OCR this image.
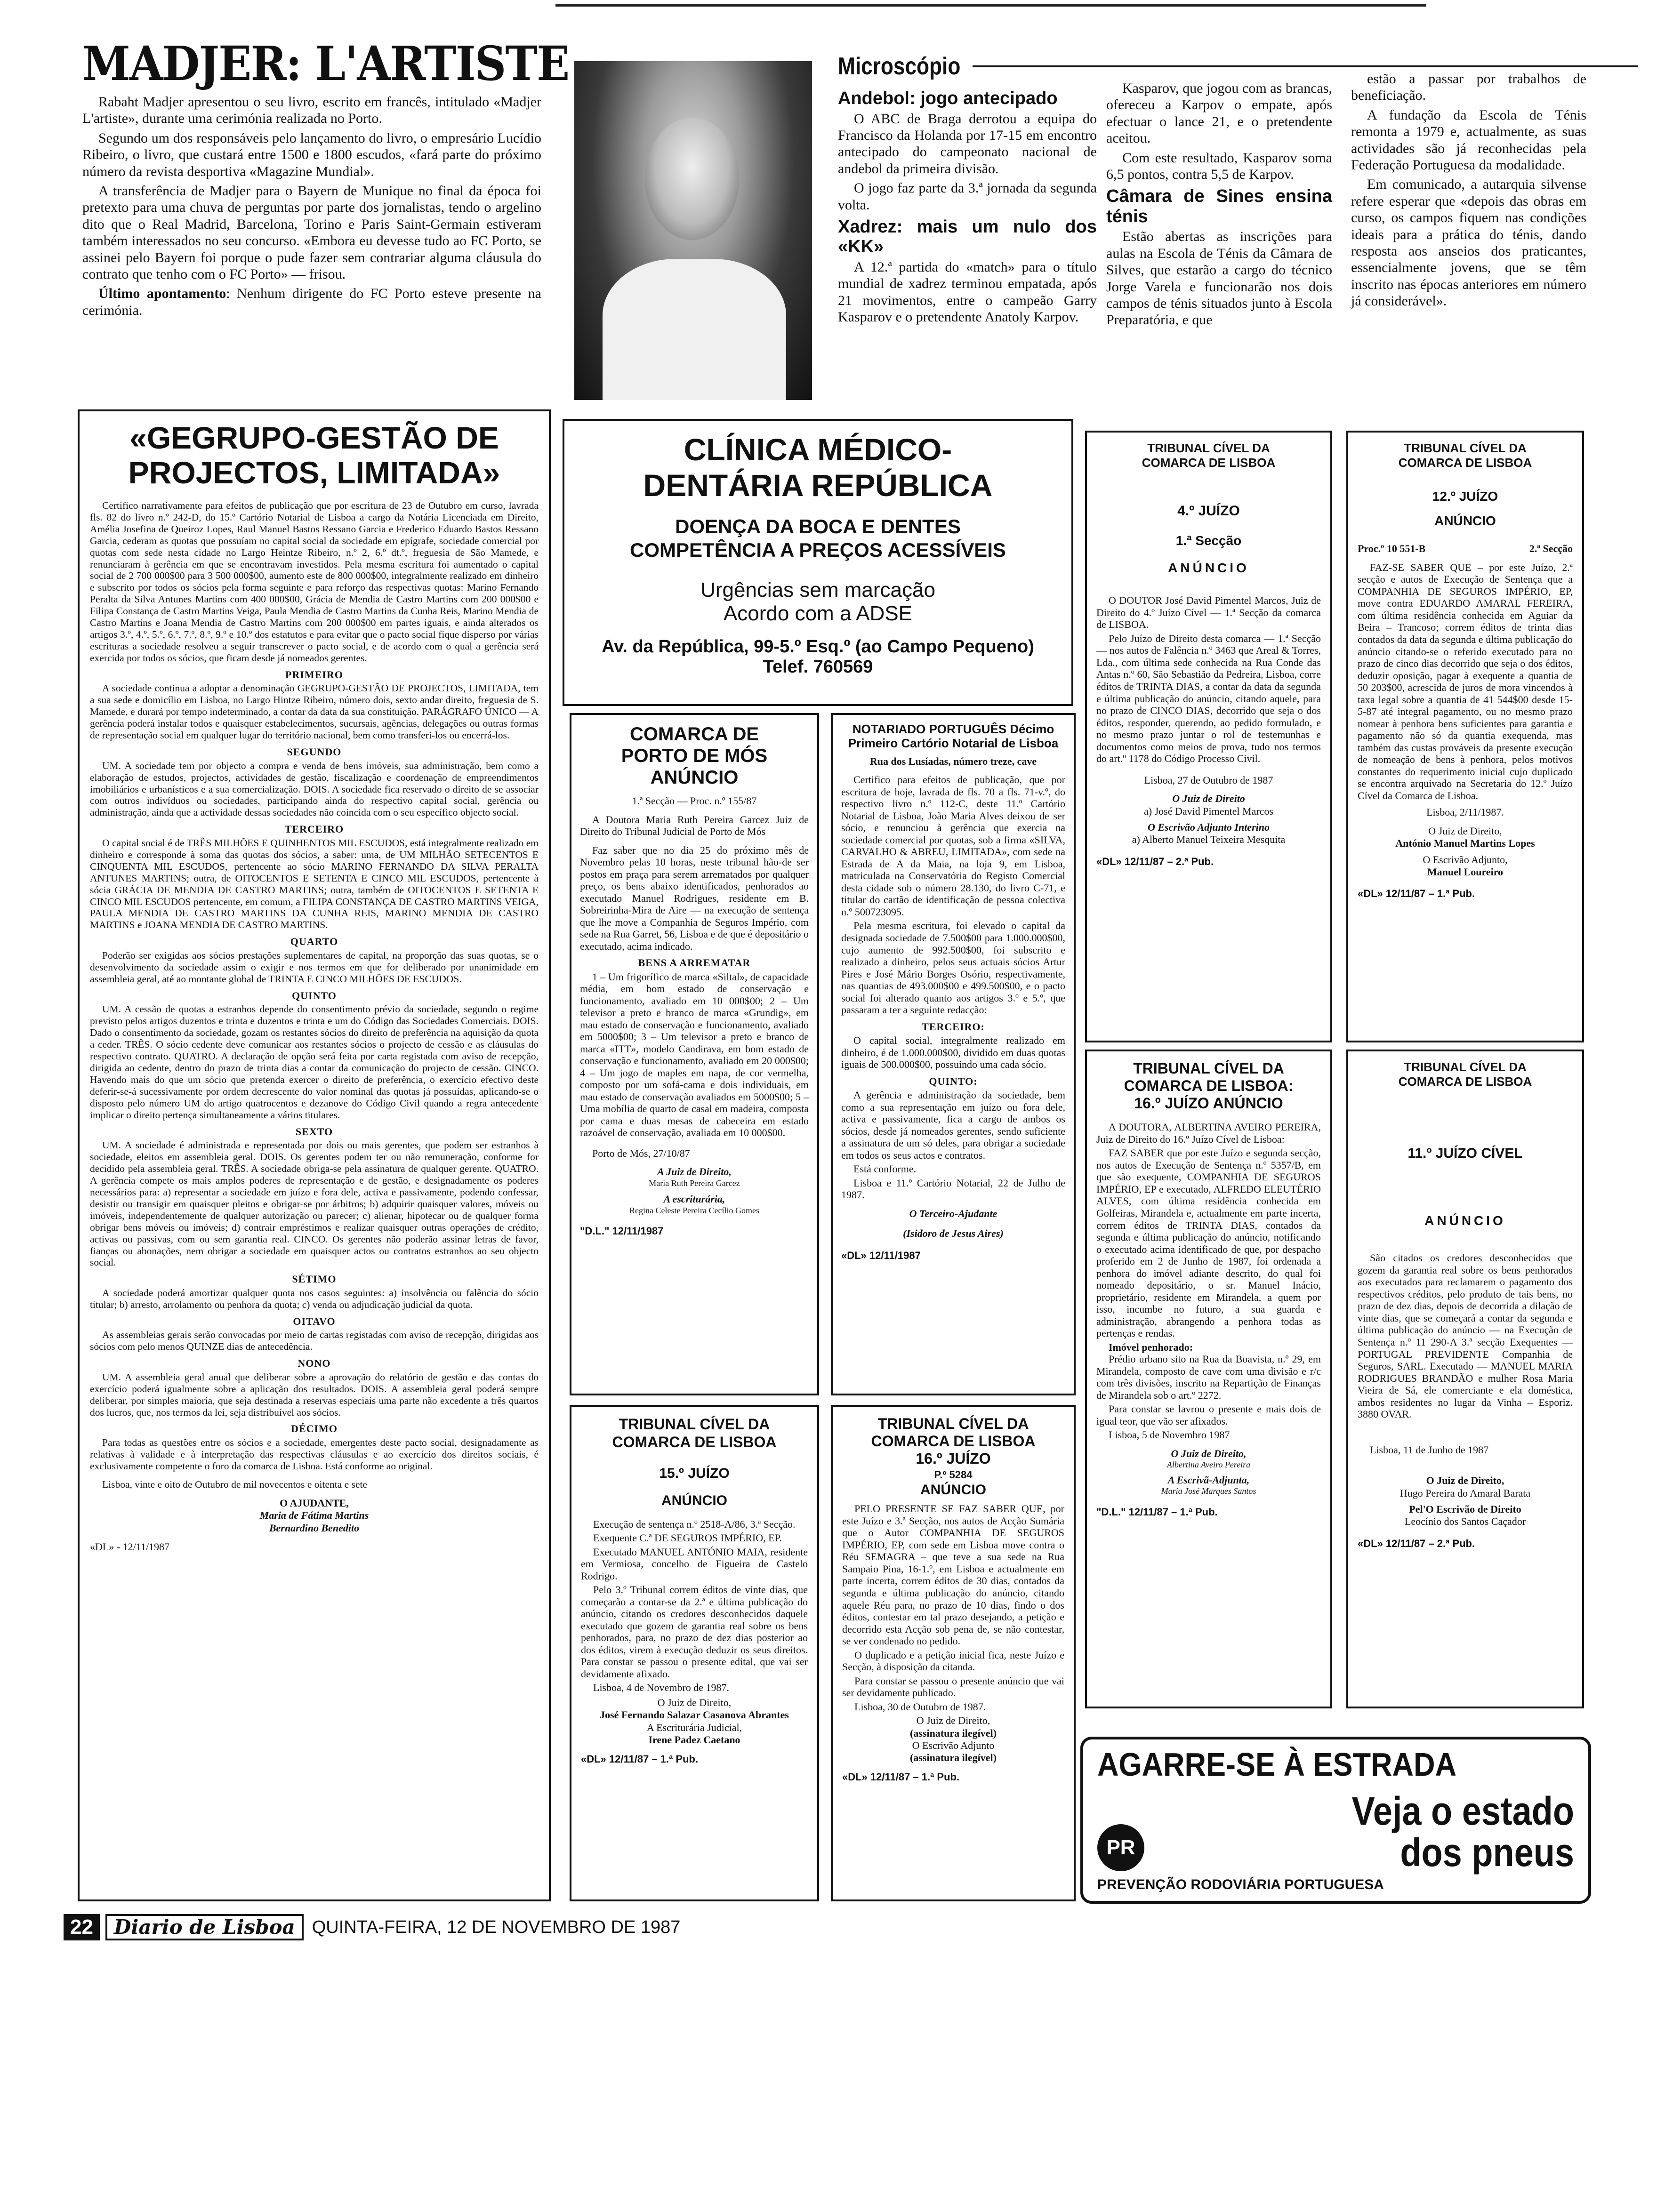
MADJER: L'ARTISTE

Rabaht Madjer apresentou o seu livro, escrito em francês, intitulado «Madjer L'artiste», durante uma cerimónia realizada no Porto.

Segundo um dos responsáveis pelo lançamento do livro, o empresário Lucídio Ribeiro, o livro, que custará entre 1500 e 1800 escudos, «fará parte do próximo número da revista desportiva «Magazine Mundial».

A transferência de Madjer para o Bayern de Munique no final da época foi pretexto para uma chuva de perguntas por parte dos jornalistas, tendo o argelino dito que o Real Madrid, Barcelona, Torino e Paris Saint-Germain estiveram também interessados no seu concurso. «Embora eu devesse tudo ao FC Porto, se assinei pelo Bayern foi porque o pude fazer sem contrariar alguma cláusula do contrato que tenho com o FC Porto» — frisou.

Último apontamento: Nenhum dirigente do FC Porto esteve presente na cerimónia.

Microscópio
Andebol: jogo antecipado

O ABC de Braga derrotou a equipa do Francisco da Holanda por 17-15 em encontro antecipado do campeonato nacional de andebol da primeira divisão.

O jogo faz parte da 3.ª jornada da segunda volta.

Xadrez: mais um nulo dos «KK»

A 12.ª partida do «match» para o título mundial de xadrez terminou empatada, após 21 movimentos, entre o campeão Garry Kasparov e o pretendente Anatoly Karpov.

Kasparov, que jogou com as brancas, ofereceu a Karpov o empate, após efectuar o lance 21, e o pretendente aceitou.

Com este resultado, Kasparov soma 6,5 pontos, contra 5,5 de Karpov.

Câmara de Sines ensina ténis

Estão abertas as inscrições para aulas na Escola de Ténis da Câmara de Silves, que estarão a cargo do técnico Jorge Varela e funcionarão nos dois campos de ténis situados junto à Escola Preparatória, e que

estão a passar por trabalhos de beneficiação.

A fundação da Escola de Ténis remonta a 1979 e, actualmente, as suas actividades são já reconhecidas pela Federação Portuguesa da modalidade.

Em comunicado, a autarquia silvense refere esperar que «depois das obras em curso, os campos fiquem nas condições ideais para a prática do ténis, dando resposta aos anseios dos praticantes, essencialmente jovens, que se têm inscrito nas épocas anteriores em número já considerável».

«GEGRUPO-GESTÃO DE PROJECTOS, LIMITADA»

Certifico narrativamente para efeitos de publicação que por escritura de 23 de Outubro em curso, lavrada fls. 82 do livro n.º 242-D, do 15.º Cartório Notarial de Lisboa a cargo da Notária Licenciada em Direito, Amélia Josefina de Queiroz Lopes, Raul Manuel Bastos Ressano Garcia e Frederico Eduardo Bastos Ressano Garcia, cederam as quotas que possuíam no capital social da sociedade em epígrafe, sociedade comercial por quotas com sede nesta cidade no Largo Heintze Ribeiro, n.º 2, 6.º dt.º, freguesia de São Mamede, e renunciaram à gerência em que se encontravam investidos. Pela mesma escritura foi aumentado o capital social de 2 700 000$00 para 3 500 000$00, aumento este de 800 000$00, integralmente realizado em dinheiro e subscrito por todos os sócios pela forma seguinte e para reforço das respectivas quotas: Marino Fernando Peralta da Silva Antunes Martins com 400 000$00, Grácia de Mendia de Castro Martins com 200 000$00 e Filipa Constança de Castro Martins Veiga, Paula Mendia de Castro Martins da Cunha Reis, Marino Mendia de Castro Martins e Joana Mendia de Castro Martins com 200 000$00 em partes iguais, e ainda alterados os artigos 3.º, 4.º, 5.º, 6.º, 7.º, 8.º, 9.º e 10.º dos estatutos e para evitar que o pacto social fique disperso por várias escrituras a sociedade resolveu a seguir transcrever o pacto social, e de acordo com o qual a gerência será exercida por todos os sócios, que ficam desde já nomeados gerentes.

PRIMEIRO

A sociedade continua a adoptar a denominação GEGRUPO-GESTÃO DE PROJECTOS, LIMITADA, tem a sua sede e domicílio em Lisboa, no Largo Hintze Ribeiro, número dois, sexto andar direito, freguesia de S. Mamede, e durará por tempo indeterminado, a contar da data da sua constituição. PARÁGRAFO ÚNICO — A gerência poderá instalar todos e quaisquer estabelecimentos, sucursais, agências, delegações ou outras formas de representação social em qualquer lugar do território nacional, bem como transferi-los ou encerrá-los.

SEGUNDO

UM. A sociedade tem por objecto a compra e venda de bens imóveis, sua administração, bem como a elaboração de estudos, projectos, actividades de gestão, fiscalização e coordenação de empreendimentos imobiliários e urbanísticos e a sua comercialização. DOIS. A sociedade fica reservado o direito de se associar com outros indivíduos ou sociedades, participando ainda do respectivo capital social, gerência ou administração, ainda que a actividade dessas sociedades não coincida com o seu específico objecto social.

TERCEIRO

O capital social é de TRÊS MILHÕES E QUINHENTOS MIL ESCUDOS, está integralmente realizado em dinheiro e corresponde à soma das quotas dos sócios, a saber: uma, de UM MILHÃO SETECENTOS E CINQUENTA MIL ESCUDOS, pertencente ao sócio MARINO FERNANDO DA SILVA PERALTA ANTUNES MARTINS; outra, de OITOCENTOS E SETENTA E CINCO MIL ESCUDOS, pertencente à sócia GRÁCIA DE MENDIA DE CASTRO MARTINS; outra, também de OITOCENTOS E SETENTA E CINCO MIL ESCUDOS pertencente, em comum, a FILIPA CONSTANÇA DE CASTRO MARTINS VEIGA, PAULA MENDIA DE CASTRO MARTINS DA CUNHA REIS, MARINO MENDIA DE CASTRO MARTINS e JOANA MENDIA DE CASTRO MARTINS.

QUARTO

Poderão ser exigidas aos sócios prestações suplementares de capital, na proporção das suas quotas, se o desenvolvimento da sociedade assim o exigir e nos termos em que for deliberado por unanimidade em assembleia geral, até ao montante global de TRINTA E CINCO MILHÕES DE ESCUDOS.

QUINTO

UM. A cessão de quotas a estranhos depende do consentimento prévio da sociedade, segundo o regime previsto pelos artigos duzentos e trinta e duzentos e trinta e um do Código das Sociedades Comerciais. DOIS. Dado o consentimento da sociedade, gozam os restantes sócios do direito de preferência na aquisição da quota a ceder. TRÊS. O sócio cedente deve comunicar aos restantes sócios o projecto de cessão e as cláusulas do respectivo contrato. QUATRO. A declaração de opção será feita por carta registada com aviso de recepção, dirigida ao cedente, dentro do prazo de trinta dias a contar da comunicação do projecto de cessão. CINCO. Havendo mais do que um sócio que pretenda exercer o direito de preferência, o exercício efectivo deste deferir-se-á sucessivamente por ordem decrescente do valor nominal das quotas já possuídas, aplicando-se o disposto pelo número UM do artigo quatrocentos e dezanove do Código Civil quando a regra antecedente implicar o direito pertença simultaneamente a vários titulares.

SEXTO

UM. A sociedade é administrada e representada por dois ou mais gerentes, que podem ser estranhos à sociedade, eleitos em assembleia geral. DOIS. Os gerentes podem ter ou não remuneração, conforme for decidido pela assembleia geral. TRÊS. A sociedade obriga-se pela assinatura de qualquer gerente. QUATRO. A gerência compete os mais amplos poderes de representação e de gestão, e designadamente os poderes necessários para: a) representar a sociedade em juízo e fora dele, activa e passivamente, podendo confessar, desistir ou transigir em quaisquer pleitos e obrigar-se por árbitros; b) adquirir quaisquer valores, móveis ou imóveis, independentemente de qualquer autorização ou parecer; c) alienar, hipotecar ou de qualquer forma obrigar bens móveis ou imóveis; d) contrair empréstimos e realizar quaisquer outras operações de crédito, activas ou passivas, com ou sem garantia real. CINCO. Os gerentes não poderão assinar letras de favor, fianças ou abonações, nem obrigar a sociedade em quaisquer actos ou contratos estranhos ao seu objecto social.

SÉTIMO

A sociedade poderá amortizar qualquer quota nos casos seguintes: a) insolvência ou falência do sócio titular; b) arresto, arrolamento ou penhora da quota; c) venda ou adjudicação judicial da quota.

OITAVO

As assembleias gerais serão convocadas por meio de cartas registadas com aviso de recepção, dirigidas aos sócios com pelo menos QUINZE dias de antecedência.

NONO

UM. A assembleia geral anual que deliberar sobre a aprovação do relatório de gestão e das contas do exercício poderá igualmente sobre a aplicação dos resultados. DOIS. A assembleia geral poderá sempre deliberar, por simples maioria, que seja destinada a reservas especiais uma parte não excedente a três quartos dos lucros, que, nos termos da lei, seja distribuível aos sócios.

DÉCIMO

Para todas as questões entre os sócios e a sociedade, emergentes deste pacto social, designadamente as relativas à validade e à interpretação das respectivas cláusulas e ao exercício dos direitos sociais, é exclusivamente competente o foro da comarca de Lisboa. Está conforme ao original.

Lisboa, vinte e oito de Outubro de mil novecentos e oitenta e sete

O AJUDANTE,
Maria de Fátima Martins
Bernardino Benedito
«DL» - 12/11/1987
CLÍNICA MÉDICO-DENTÁRIA REPÚBLICA
DOENÇA DA BOCA E DENTES COMPETÊNCIA A PREÇOS ACESSÍVEIS
Urgências sem marcação
Acordo com a ADSE
Av. da República, 99-5.º Esq.º (ao Campo Pequeno)
Telef. 760569
COMARCA DE PORTO DE MÓS ANÚNCIO
1.ª Secção — Proc. n.º 155/87

A Doutora Maria Ruth Pereira Garcez Juiz de Direito do Tribunal Judicial de Porto de Mós

Faz saber que no dia 25 do próximo mês de Novembro pelas 10 horas, neste tribunal hão-de ser postos em praça para serem arrematados por qualquer preço, os bens abaixo identificados, penhorados ao executado Manuel Rodrigues, residente em B. Sobreirinha-Mira de Aire — na execução de sentença que lhe move a Companhia de Seguros Império, com sede na Rua Garret, 56, Lisboa e de que é depositário o executado, acima indicado.

BENS A ARREMATAR

1 – Um frigorífico de marca «Siltal», de capacidade média, em bom estado de conservação e funcionamento, avaliado em 10 000$00; 2 – Um televisor a preto e branco de marca «Grundig», em mau estado de conservação e funcionamento, avaliado em 5000$00; 3 – Um televisor a preto e branco de marca «ITT», modelo Candirava, em bom estado de conservação e funcionamento, avaliado em 20 000$00; 4 – Um jogo de maples em napa, de cor vermelha, composto por um sofá-cama e dois individuais, em mau estado de conservação avaliados em 5000$00; 5 – Uma mobília de quarto de casal em madeira, composta por cama e duas mesas de cabeceira em estado razoável de conservação, avaliada em 10 000$00.

Porto de Mós, 27/10/87

A Juiz de Direito,
Maria Ruth Pereira Garcez
A escriturária,
Regina Celeste Pereira Cecílio Gomes
"D.L." 12/11/1987
NOTARIADO PORTUGUÊS Décimo Primeiro Cartório Notarial de Lisboa
Rua dos Lusíadas, número treze, cave

Certifico para efeitos de publicação, que por escritura de hoje, lavrada de fls. 70 a fls. 71-v.º, do respectivo livro n.º 112-C, deste 11.º Cartório Notarial de Lisboa, João Maria Alves deixou de ser sócio, e renunciou à gerência que exercia na sociedade comercial por quotas, sob a firma «SILVA, CARVALHO & ABREU, LIMITADA», com sede na Estrada de A da Maia, na loja 9, em Lisboa, matriculada na Conservatória do Registo Comercial desta cidade sob o número 28.130, do livro C-71, e titular do cartão de identificação de pessoa colectiva n.º 500723095.

Pela mesma escritura, foi elevado o capital da designada sociedade de 7.500$00 para 1.000.000$00, cujo aumento de 992.500$00, foi subscrito e realizado a dinheiro, pelos seus actuais sócios Artur Pires e José Mário Borges Osório, respectivamente, nas quantias de 493.000$00 e 499.500$00, e o pacto social foi alterado quanto aos artigos 3.º e 5.º, que passaram a ter a seguinte redacção:

TERCEIRO:

O capital social, integralmente realizado em dinheiro, é de 1.000.000$00, dividido em duas quotas iguais de 500.000$00, possuindo uma cada sócio.

QUINTO:

A gerência e administração da sociedade, bem como a sua representação em juízo ou fora dele, activa e passivamente, fica a cargo de ambos os sócios, desde já nomeados gerentes, sendo suficiente a assinatura de um só deles, para obrigar a sociedade em todos os seus actos e contratos.

Está conforme.

Lisboa e 11.º Cartório Notarial, 22 de Julho de 1987.

O Terceiro-Ajudante
(Isidoro de Jesus Aires)
«DL» 12/11/1987
TRIBUNAL CÍVEL DA COMARCA DE LISBOA
4.º JUÍZO
1.ª Secção
ANÚNCIO

O DOUTOR José David Pimentel Marcos, Juiz de Direito do 4.º Juízo Cível — 1.ª Secção da comarca de LISBOA.

Pelo Juízo de Direito desta comarca — 1.ª Secção — nos autos de Falência n.º 3463 que Areal & Torres, Lda., com última sede conhecida na Rua Conde das Antas n.º 60, São Sebastião da Pedreira, Lisboa, corre éditos de TRINTA DIAS, a contar da data da segunda e última publicação do anúncio, citando aquele, para no prazo de CINCO DIAS, decorrido que seja o dos éditos, responder, querendo, ao pedido formulado, e no mesmo prazo juntar o rol de testemunhas e documentos como meios de prova, tudo nos termos do art.º 1178 do Código Processo Civil.

Lisboa, 27 de Outubro de 1987

O Juiz de Direito
a) José David Pimentel Marcos
O Escrivão Adjunto Interino
a) Alberto Manuel Teixeira Mesquita
«DL» 12/11/87 – 2.ª Pub.
TRIBUNAL CÍVEL DA COMARCA DE LISBOA
12.º JUÍZO
ANÚNCIO
Proc.º 10 551-B	2.ª Secção

FAZ-SE SABER QUE – por este Juízo, 2.ª secção e autos de Execução de Sentença que a COMPANHIA DE SEGUROS IMPÉRIO, EP, move contra EDUARDO AMARAL FEREIRA, com última residência conhecida em Aguiar da Beira – Trancoso; correm éditos de trinta dias contados da data da segunda e última publicação do anúncio citando-se o referido executado para no prazo de cinco dias decorrido que seja o dos éditos, deduzir oposição, pagar à exequente a quantia de 50 203$00, acrescida de juros de mora vincendos à taxa legal sobre a quantia de 41 544$00 desde 15-5-87 até integral pagamento, ou no mesmo prazo nomear à penhora bens suficientes para garantia e pagamento não só da quantia exequenda, mas também das custas prováveis da presente execução de nomeação de bens à penhora, pelos motivos constantes do requerimento inicial cujo duplicado se encontra arquivado na Secretaria do 12.º Juízo Cível da Comarca de Lisboa.

Lisboa, 2/11/1987.

O Juiz de Direito,
António Manuel Martins Lopes
O Escrivão Adjunto,
Manuel Loureiro
«DL» 12/11/87 – 1.ª Pub.
TRIBUNAL CÍVEL DA COMARCA DE LISBOA: 16.º JUÍZO ANÚNCIO

A DOUTORA, ALBERTINA AVEIRO PEREIRA, Juiz de Direito do 16.º Juízo Cível de Lisboa:

FAZ SABER que por este Juízo e segunda secção, nos autos de Execução de Sentença n.º 5357/B, em que são exequente, COMPANHIA DE SEGUROS IMPÉRIO, EP e executado, ALFREDO ELEUTÉRIO ALVES, com última residência conhecida em Golfeiras, Mirandela e, actualmente em parte incerta, correm éditos de TRINTA DIAS, contados da segunda e última publicação do anúncio, notificando o executado acima identificado de que, por despacho proferido em 2 de Junho de 1987, foi ordenada a penhora do imóvel adiante descrito, do qual foi nomeado depositário, o sr. Manuel Inácio, proprietário, residente em Mirandela, a quem por isso, incumbe no futuro, a sua guarda e administração, abrangendo a penhora todas as pertenças e rendas.

Imóvel penhorado:

Prédio urbano sito na Rua da Boavista, n.º 29, em Mirandela, composto de cave com uma divisão e r/c com três divisões, inscrito na Repartição de Finanças de Mirandela sob o art.º 2272.

Para constar se lavrou o presente e mais dois de igual teor, que vão ser afixados.

Lisboa, 5 de Novembro 1987

O Juiz de Direito,
Albertina Aveiro Pereira
A Escrivã-Adjunta,
Maria José Marques Santos
"D.L." 12/11/87 – 1.ª Pub.
TRIBUNAL CÍVEL DA COMARCA DE LISBOA
11.º JUÍZO CÍVEL
ANÚNCIO

São citados os credores desconhecidos que gozem da garantia real sobre os bens penhorados aos executados para reclamarem o pagamento dos respectivos créditos, pelo produto de tais bens, no prazo de dez dias, depois de decorrida a dilação de vinte dias, que se começará a contar da segunda e última publicação do anúncio — na Execução de Sentença n.º 11 290-A 3.ª secção Exequentes — PORTUGAL PREVIDENTE Companhia de Seguros, SARL. Executado — MANUEL MARIA RODRIGUES BRANDÃO e mulher Rosa Maria Vieira de Sá, ele comerciante e ela doméstica, ambos residentes no lugar da Vinha – Esporiz. 3880 OVAR.

Lisboa, 11 de Junho de 1987

O Juiz de Direito,
Hugo Pereira do Amaral Barata
Pel'O Escrivão de Direito
Leocínio dos Santos Caçador
«DL» 12/11/87 – 2.ª Pub.
TRIBUNAL CÍVEL DA COMARCA DE LISBOA
15.º JUÍZO
ANÚNCIO

Execução de sentença n.º 2518-A/86, 3.ª Secção.

Exequente C.ª DE SEGUROS IMPÉRIO, EP.

Executado MANUEL ANTÓNIO MAIA, residente em Vermiosa, concelho de Figueira de Castelo Rodrigo.

Pelo 3.º Tribunal correm éditos de vinte dias, que começarão a contar-se da 2.ª e última publicação do anúncio, citando os credores desconhecidos daquele executado que gozem de garantia real sobre os bens penhorados, para, no prazo de dez dias posterior ao dos éditos, virem à execução deduzir os seus direitos. Para constar se passou o presente edital, que vai ser devidamente afixado.

Lisboa, 4 de Novembro de 1987.

O Juiz de Direito,
José Fernando Salazar Casanova Abrantes
A Escriturária Judicial,
Irene Padez Caetano
«DL» 12/11/87 – 1.ª Pub.
TRIBUNAL CÍVEL DA COMARCA DE LISBOA 16.º JUÍZO
P.º 5284
ANÚNCIO

PELO PRESENTE SE FAZ SABER QUE, por este Juízo e 3.ª Secção, nos autos de Acção Sumária que o Autor COMPANHIA DE SEGUROS IMPÉRIO, EP, com sede em Lisboa move contra o Réu SEMAGRA – que teve a sua sede na Rua Sampaio Pina, 16-1.º, em Lisboa e actualmente em parte incerta, correm éditos de 30 dias, contados da segunda e última publicação do anúncio, citando aquele Réu para, no prazo de 10 dias, findo o dos éditos, contestar em tal prazo desejando, a petição e decorrido esta Acção sob pena de, se não contestar, se ver condenado no pedido.

O duplicado e a petição inicial fica, neste Juízo e Secção, à disposição da citanda.

Para constar se passou o presente anúncio que vai ser devidamente publicado.

Lisboa, 30 de Outubro de 1987.

O Juiz de Direito,
(assinatura ilegível)
O Escrivão Adjunto
(assinatura ilegível)
«DL» 12/11/87 – 1.ª Pub.	AGARRE-SE À ESTRADA
Veja o estado
dos pneus
PR
PREVENÇÃO RODOVIÁRIA PORTUGUESA
22	Diario de Lisboa QUINTA-FEIRA, 12 DE NOVEMBRO DE 1987
